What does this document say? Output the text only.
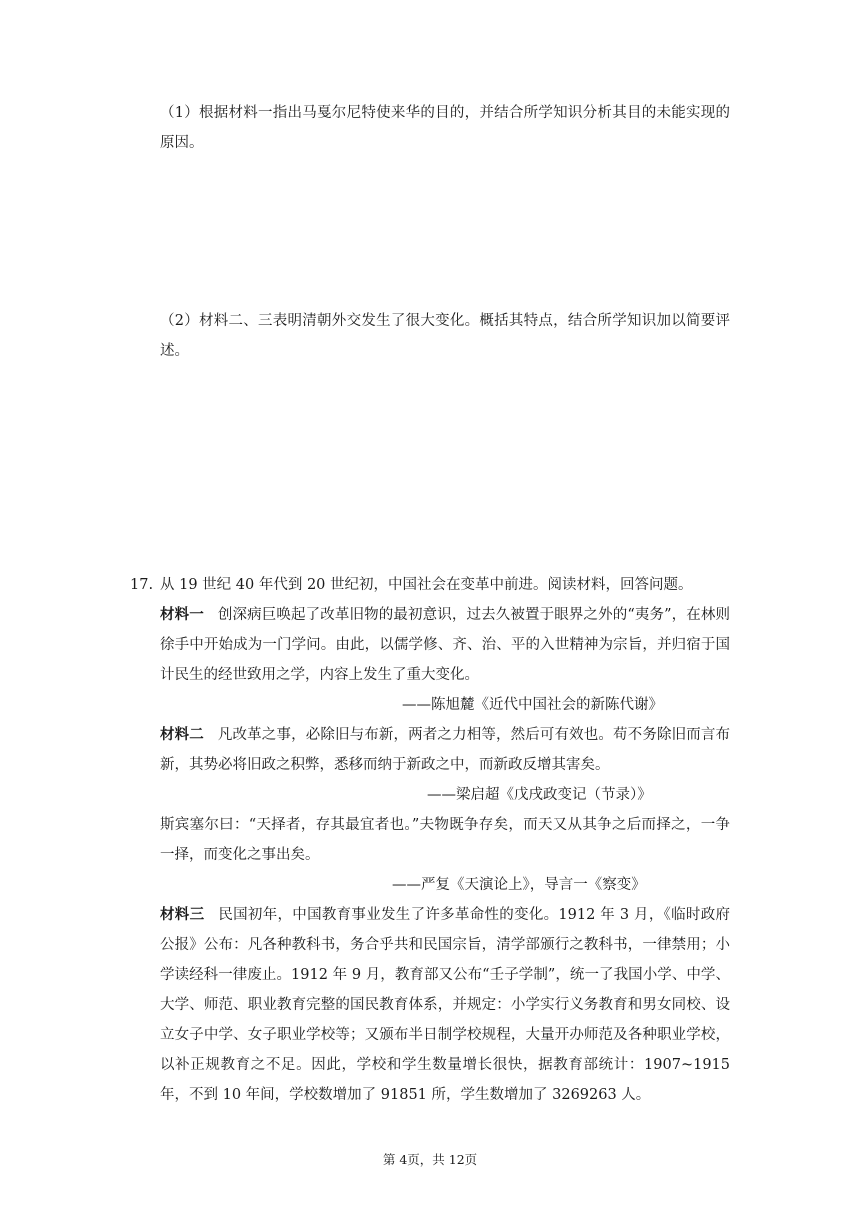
（1）根据材料一指出马戛尔尼特使来华的目的，并结合所学知识分析其目的未能实现的原因。

（2）材料二、三表明清朝外交发生了很大变化。概括其特点，结合所学知识加以简要评述。

17. 从 19 世纪 40 年代到 20 世纪初，中国社会在变革中前进。阅读材料，回答问题。
材料一 创深病巨唤起了改革旧物的最初意识，过去久被置于眼界之外的“夷务”，在林则徐手中开始成为一门学问。由此，以儒学修、齐、治、平的入世精神为宗旨，并归宿于国计民生的经世致用之学，内容上发生了重大变化。
——陈旭麓《近代中国社会的新陈代谢》
材料二 凡改革之事，必除旧与布新，两者之力相等，然后可有效也。苟不务除旧而言布新，其势必将旧政之积弊，悉移而纳于新政之中，而新政反增其害矣。
——梁启超《戊戌政变记（节录）》
斯宾塞尔曰：“天择者，存其最宜者也。”夫物既争存矣，而天又从其争之后而择之，一争一择，而变化之事出矣。
——严复《天演论上》，导言一《察变》
材料三 民国初年，中国教育事业发生了许多革命性的变化。1912 年 3 月，《临时政府公报》公布：凡各种教科书，务合乎共和民国宗旨，清学部颁行之教科书，一律禁用；小学读经科一律废止。1912 年 9 月，教育部又公布“壬子学制”，统一了我国小学、中学、大学、师范、职业教育完整的国民教育体系，并规定：小学实行义务教育和男女同校、设立女子中学、女子职业学校等；又颁布半日制学校规程，大量开办师范及各种职业学校，以补正规教育之不足。因此，学校和学生数量增长很快，据教育部统计：1907~1915 年，不到 10 年间，学校数增加了 91851 所，学生数增加了 3269263 人。
第 4页，共 12页
